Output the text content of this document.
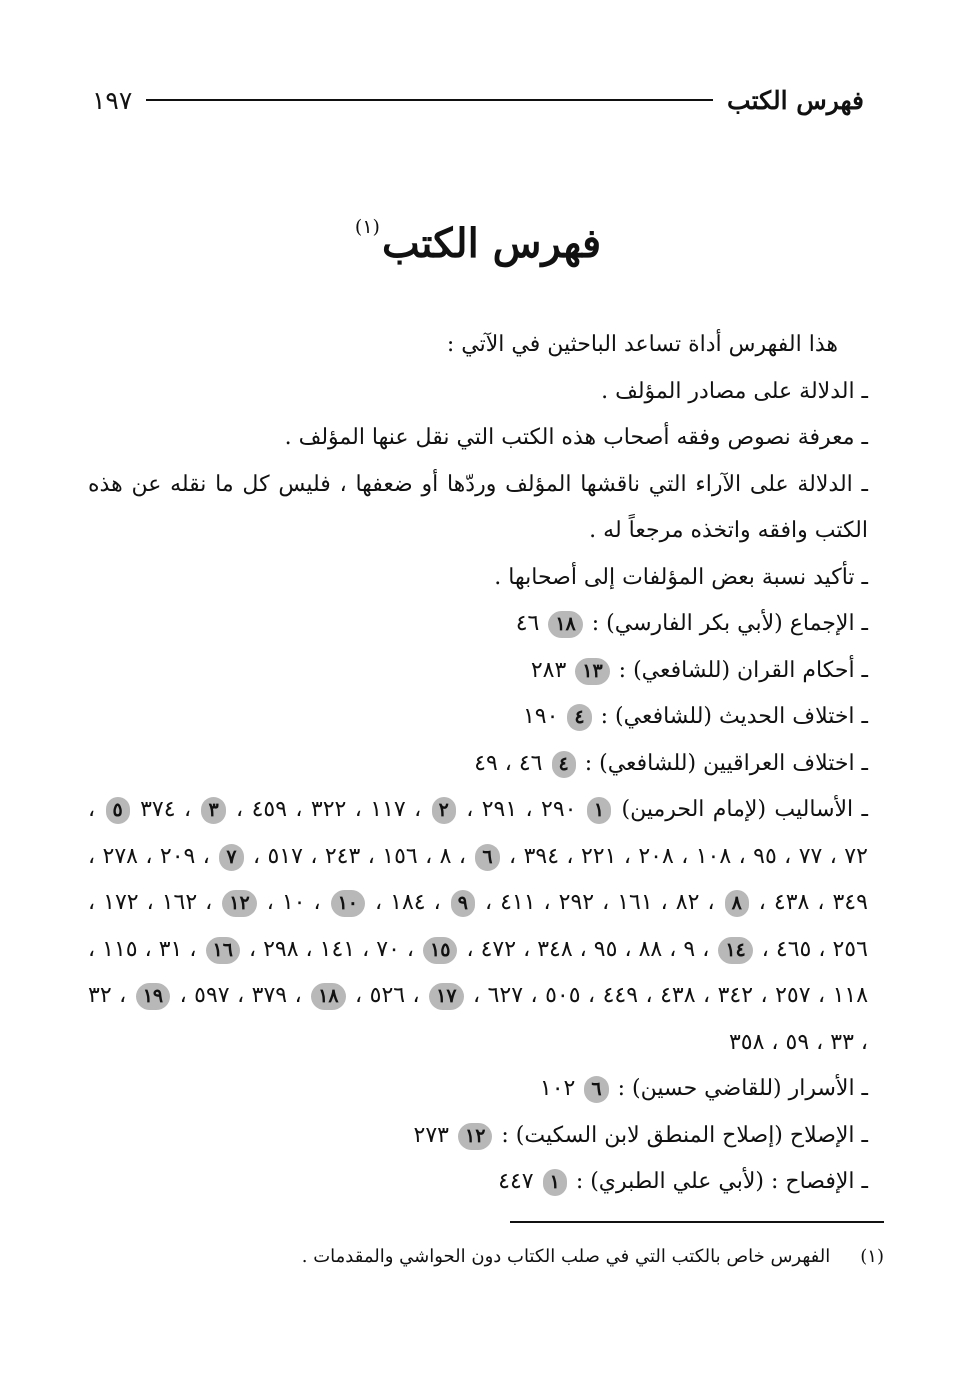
فهرس الكتب
١٩٧
فهرس الكتب$^{(١)}$

هذا الفهرس أداة تساعد الباحثين في الآتي :

ـ الدلالة على مصادر المؤلف .

ـ معرفة نصوص وفقه أصحاب هذه الكتب التي نقل عنها المؤلف .

ـ الدلالة على الآراء التي ناقشها المؤلف وردّها أو ضعفها ، فليس كل ما نقله عن هذه الكتب وافقه واتخذه مرجعاً له .

ـ تأكيد نسبة بعض المؤلفات إلى أصحابها .

ـ الإجماع (لأبي بكر الفارسي) : ١٨ ٤٦

ـ أحكام القران (للشافعي) : ١٣ ٢٨٣

ـ اختلاف الحديث (للشافعي) : ٤ ١٩٠

ـ اختلاف العراقيين (للشافعي) : ٤ ٤٦ ، ٤٩

ـ الأساليب (لإمام الحرمين) ١ ٢٩٠ ، ٢٩١ ، ٢ ، ١١٧ ، ٣٢٢ ، ٤٥٩ ، ٣ ، ٣٧٤ ٥ ، ٧٢ ، ٧٧ ، ٩٥ ، ١٠٨ ، ٢٠٨ ، ٢٢١ ، ٣٩٤ ، ٦ ، ٨ ، ١٥٦ ، ٢٤٣ ، ٥١٧ ، ٧ ، ٢٠٩ ، ٢٧٨ ، ٣٤٩ ، ٤٣٨ ، ٨ ، ٨٢ ، ١٦١ ، ٢٩٢ ، ٤١١ ، ٩ ، ١٨٤ ، ١٠ ، ١٠ ، ١٢ ، ١٦٢ ، ١٧٢ ، ٢٥٦ ، ٤٦٥ ، ١٤ ، ٩ ، ٨٨ ، ٩٥ ، ٣٤٨ ، ٤٧٢ ، ١٥ ، ٧٠ ، ١٤١ ، ٢٩٨ ، ١٦ ، ٣١ ، ١١٥ ، ١١٨ ، ٢٥٧ ، ٣٤٢ ، ٤٣٨ ، ٤٤٩ ، ٥٠٥ ، ٦٢٧ ، ١٧ ، ٥٢٦ ، ١٨ ، ٣٧٩ ، ٥٩٧ ، ١٩ ، ٣٢ ، ٣٣ ، ٥٩ ، ٣٥٨

ـ الأسرار (للقاضي حسين) : ٦ ١٠٢

ـ الإصلاح (إصلاح المنطق لابن السكيت) : ١٢ ٢٧٣

ـ الإفصاح : (لأبي علي الطبري) : ١ ٤٤٧

(١)الفهرس خاص بالكتب التي في صلب الكتاب دون الحواشي والمقدمات .
